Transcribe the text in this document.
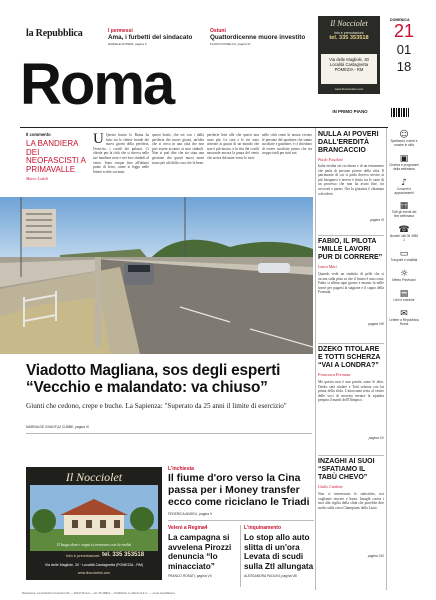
la Repubblica
Roma
I permessi
Ama, i furbetti del sindacato
DANIELE AUTIERI, pagina II
Ostuni
Quattordicenne muore investito
FLAVIO FUNIELLO, pagina VI
Il Nocciolet
Info e prenotazioni:
tel. 335 353518
Via delle Magliole, 30
Località Castagnetta
POMEZIA - RM
www.ilnoccioleto.com
DOMENICA
21
01
18
Il commento
LA BANDIERA DEI NEOFASCISTI A PRIMAVALLE
Marco Lodoli
U Questo brutto lo Roma ha fatto tra le chiuse fronde dei nuovi giorni della periferia, l'esercito, i cortili dei palazzi. Ci chiede per la città che si ritrova nelle sue bandiere nere e nei loro simboli al vento. Sono cinque fino all'ultimo ponte di ferro, come si legge nelle lettere scritte sui muri.
questi brutti, che sei con i dalla periferia dei nuovi giorni, un'idea che si cerca in una città che non può essere accanto ai suoi simboli. Non si può dire che sia stata una gestione che questi nuovi nomi siano più alti della cosa che fa bene.
periferie lette alle che questi non sono più. Le case e le vie sono arrivate ai guasti di un mondo che non è più nostro, e la vita dei cortili nasconde ancora la paura del vento che arriva dal mare verso le torri.
nelle città come la nostra vivono le persone del quartiere che sanno ascoltare e guardare, e ci chiedono di essere ascoltate prima che sia troppo tardi per tutti noi.
Viadotto Magliana, sos degli esperti “Vecchio e malandato: va chiuso”
Giunti che cedono, crepe e buche. La Sapienza: "Superato da 25 anni il limite di esercizio"
MARINA DE GHANTUZ CUBBE, pagina III
Il Nocciolet
Il luogo dove i sogni si avverano con la realtà
Info e prenotazioni: tel. 335 353518
Via delle Magliole, 30 · Località Castagnetta (POMEZIA - RM)
www.ilnoccioleto.com
L'inchiesta
Il fiume d'oro verso la Cina passa per i Money transfer ecco come riciclano le Triadi
FEDERICA ANGELI, pagina V
Veleni a Regina4
La campagna si avvelena Pirozzi denuncia “Io minacciato”
FRANCO ROSATI, pagina VII
L'inquinamento
Lo stop allo auto slitta di un'ora Levata di scudi sulla Ztl allungata
ALESSANDRA PAOLINI, pagina VIII
IN PRIMO PIANO
NULLA AI POVERI DALL'EREDITÀ BRANCACCIO
Paolo Foschini
Italia eredita sei ricchezza e di un testamento che parla di persone povere della città. Il patrimonio di cui si parla doveva servire ai più bisognosi e invece è finito tra le carte di un processo che non ha avuto fine, tra avvocati e pareri. Ora la giustizia è chiamata a decidere.
pagina VI
FABIO, IL PILOTA “MILLE LAVORI PUR DI CORRERE”
Laura Mari
Quando vede un simbolo di pelle che si oscura sulla pista sa che il futuro è una corsa; Fabio si allena ogni giorno e intanto fa mille lavori per pagarsi la stagione e il sogno della Formula.
pagina VIII
DZEKO TITOLARE E TOTTI SCHERZA “VAI A LONDRA?”
Francesca Ferrazza
Ma questa non è una partita come le altre, Dzeko sarà titolare e Totti scherza con lui prima della sfida. L'attaccante resta al centro delle voci di mercato mentre la squadra prepara il match dell'Olimpico.
pagina XV
INZAGHI AI SUOI “SFATIAMO IL TABÙ CHEVO”
Giulio Cardone
Non ci interessano le statistiche, noi vogliamo vincere e basta. Inzaghi carica i suoi alla vigilia della sfida che potrebbe dire molto sulla corsa Champions della Lazio.
pagina XIX
☺
Spettacoli, eventi e mostre in città
▣
Cinema e programmi della settimana
♪
Concerti e appuntamenti
▦
Tutti gli eventi del fine settimana
☎
Numeri utili 06 4982 1
▭
Trasporti e viabilità
☼
Meteo Previsioni
▤
Libri e rubriche
✉
Lettere a Repubblica Roma
Redazione: via Cristoforo Colombo 90 — 00147 Roma — tel. 06 49821 — Pubblicità: A. Manzoni & C. — roma.repubblica.it
